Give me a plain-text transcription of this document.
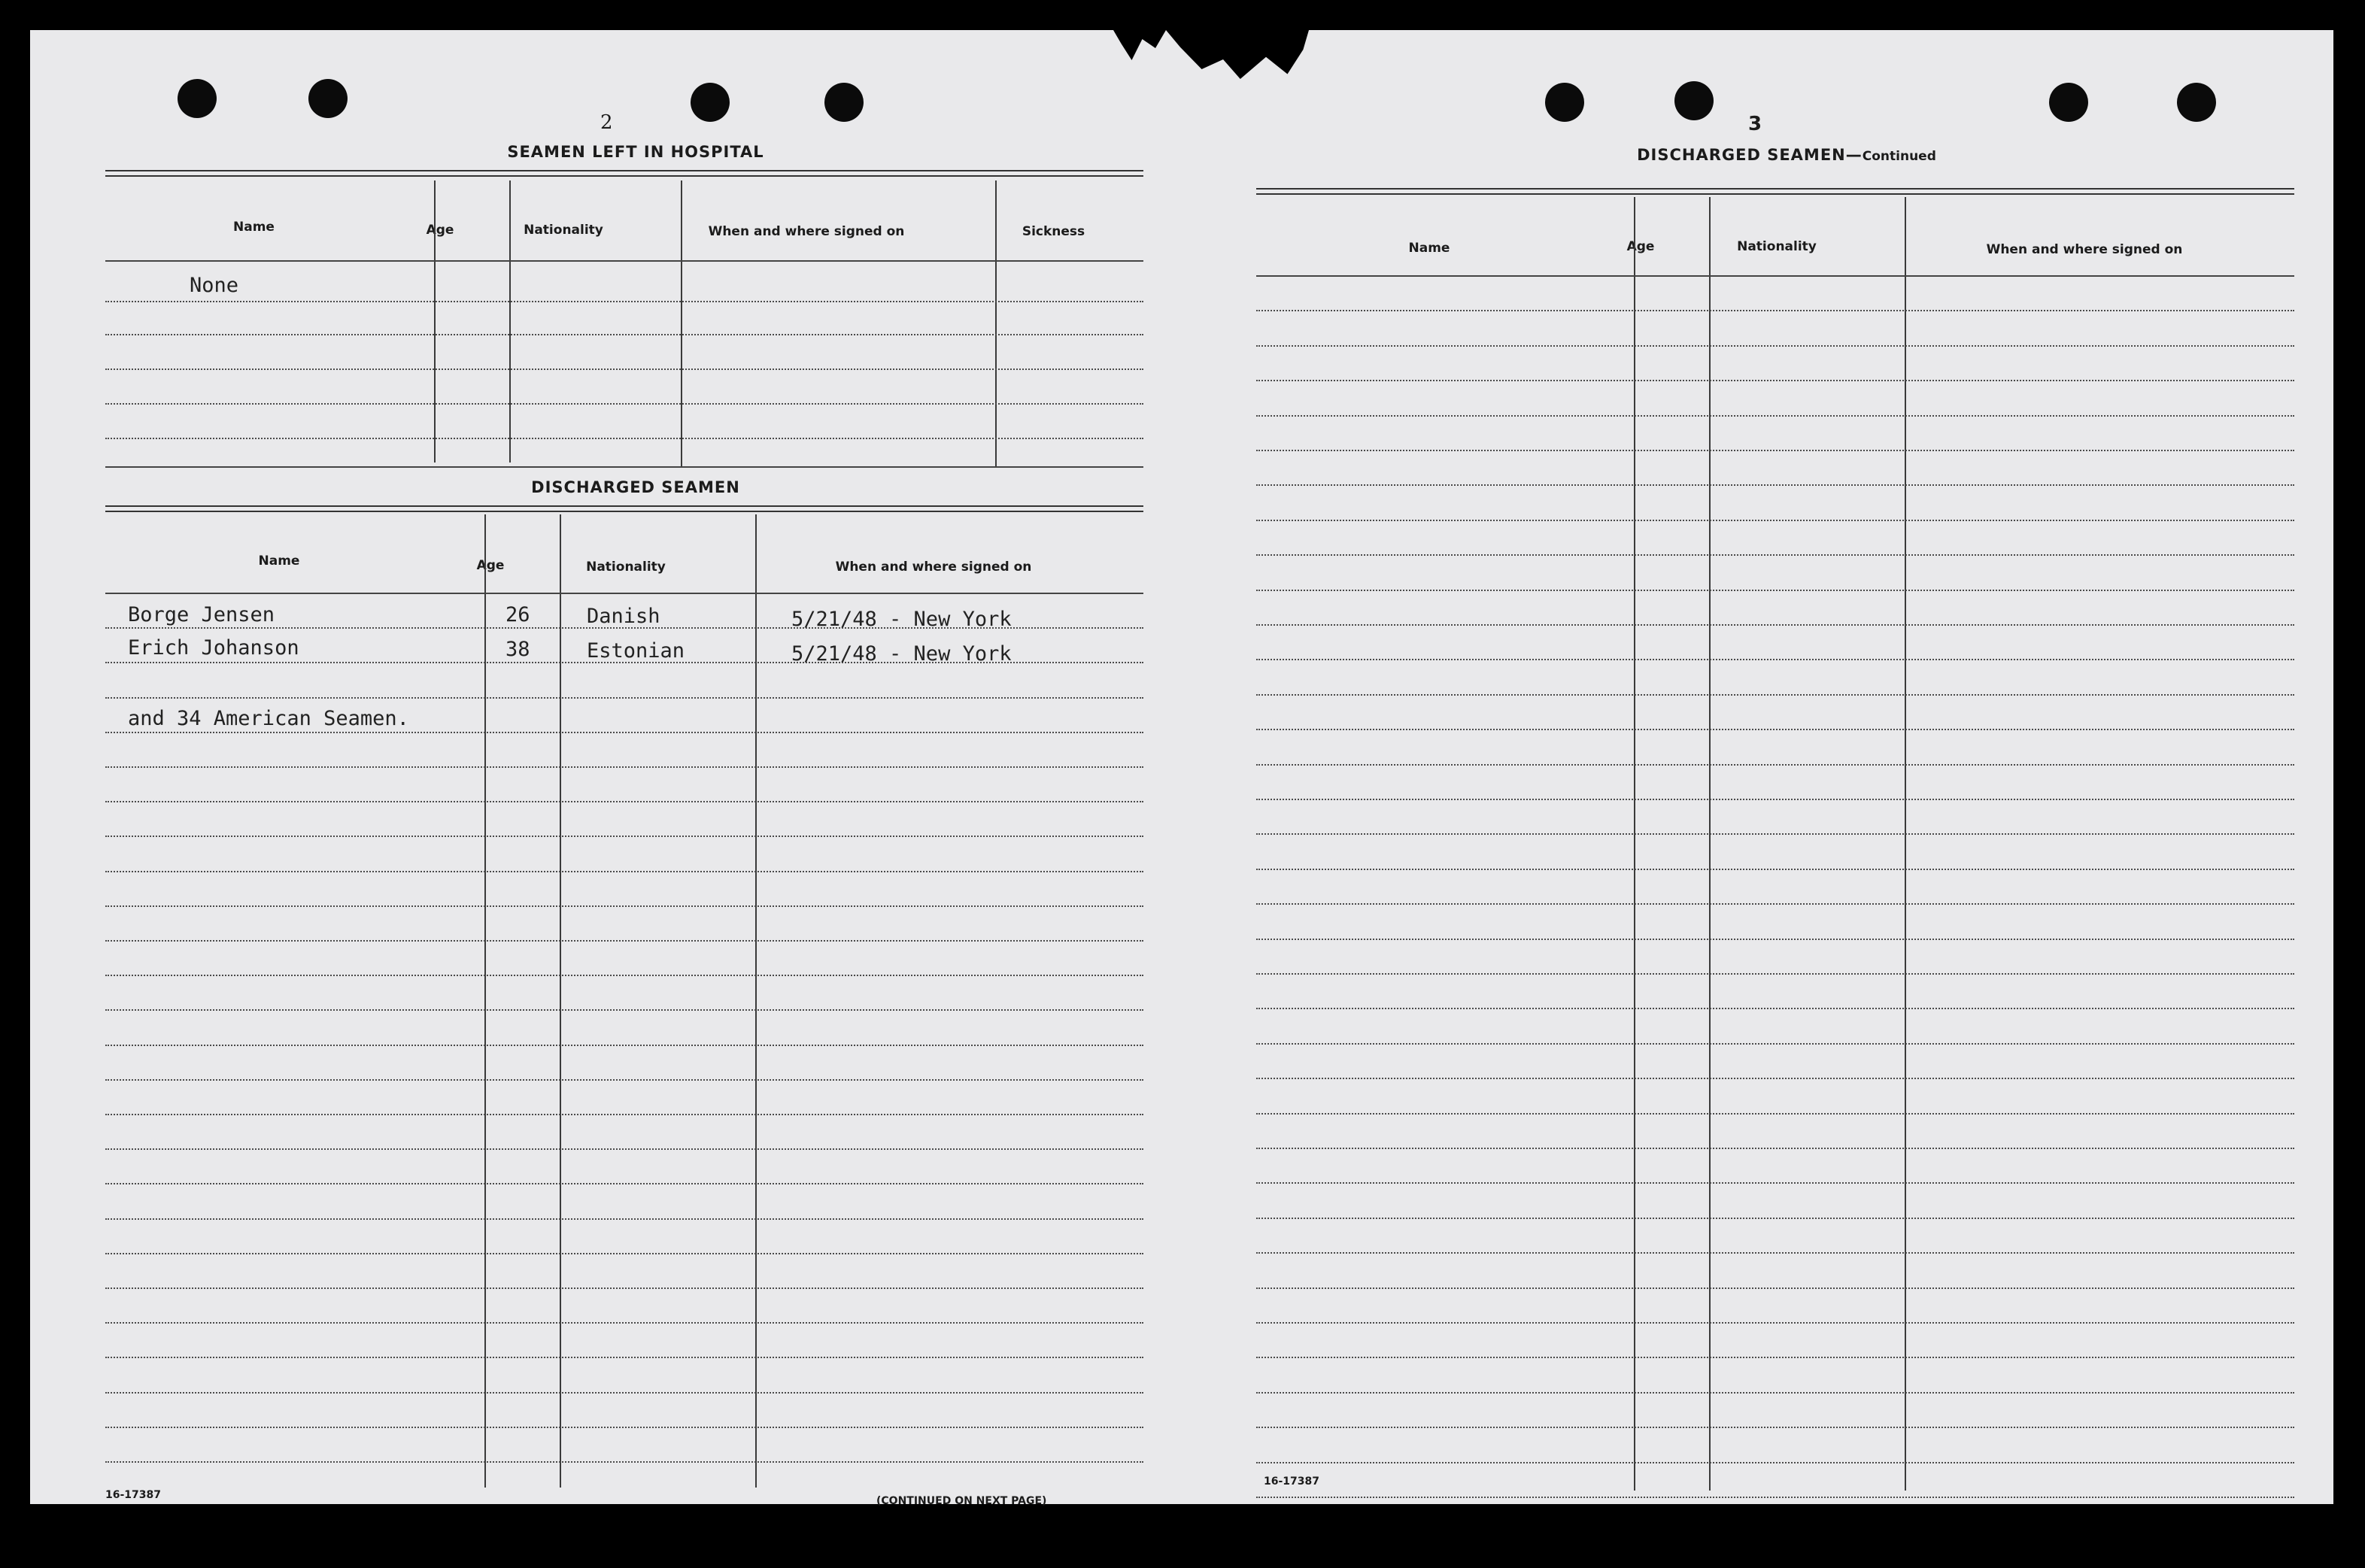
2
SEAMEN LEFT IN HOSPITAL
Name	Age	Nationality	When and where signed on	Sickness
None
DISCHARGED SEAMEN
Name	Age	Nationality	When and where signed on
Borge Jensen	26	Danish	5/21/48 - New York
Erich Johanson	38	Estonian	5/21/48 - New York
and 34 American Seamen.
16-17387	(CONTINUED ON NEXT PAGE)
3
DISCHARGED SEAMEN—Continued
Name	Age	Nationality	When and where signed on
16-17387
